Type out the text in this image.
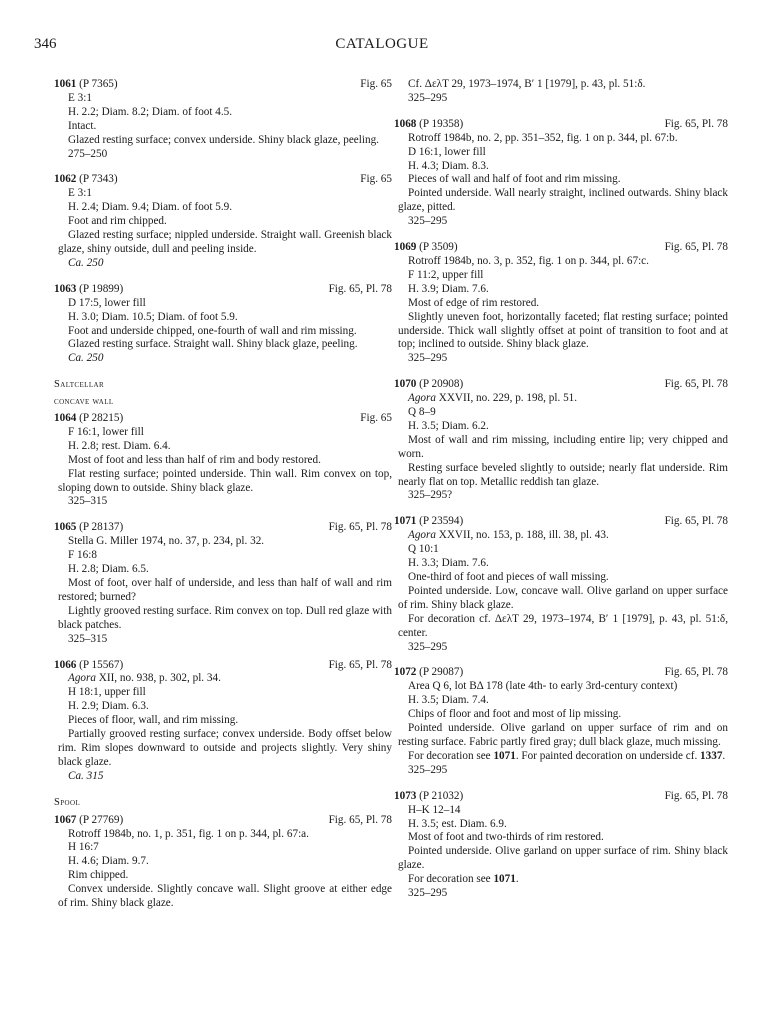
346	CATALOGUE
1061 (P 7365)	Fig. 65
E 3:1
H. 2.2; Diam. 8.2; Diam. of foot 4.5.
Intact.
Glazed resting surface; convex underside. Shiny black glaze, peeling.
275–250
1062 (P 7343)	Fig. 65
E 3:1
H. 2.4; Diam. 9.4; Diam. of foot 5.9.
Foot and rim chipped.
Glazed resting surface; nippled underside. Straight wall. Greenish black glaze, shiny outside, dull and peeling inside.
Ca. 250
1063 (P 19899)	Fig. 65, Pl. 78
D 17:5, lower fill
H. 3.0; Diam. 10.5; Diam. of foot 5.9.
Foot and underside chipped, one-fourth of wall and rim missing.
Glazed resting surface. Straight wall. Shiny black glaze, peeling.
Ca. 250
Saltcellar
concave wall
1064 (P 28215)	Fig. 65
F 16:1, lower fill
H. 2.8; rest. Diam. 6.4.
Most of foot and less than half of rim and body restored.
Flat resting surface; pointed underside. Thin wall. Rim convex on top, sloping down to outside. Shiny black glaze.
325–315
1065 (P 28137)	Fig. 65, Pl. 78
Stella G. Miller 1974, no. 37, p. 234, pl. 32.
F 16:8
H. 2.8; Diam. 6.5.
Most of foot, over half of underside, and less than half of wall and rim restored; burned?
Lightly grooved resting surface. Rim convex on top. Dull red glaze with black patches.
325–315
1066 (P 15567)	Fig. 65, Pl. 78
Agora XII, no. 938, p. 302, pl. 34.
H 18:1, upper fill
H. 2.9; Diam. 6.3.
Pieces of floor, wall, and rim missing.
Partially grooved resting surface; convex underside. Body offset below rim. Rim slopes downward to outside and projects slightly. Very shiny black glaze.
Ca. 315
Spool
1067 (P 27769)	Fig. 65, Pl. 78
Rotroff 1984b, no. 1, p. 351, fig. 1 on p. 344, pl. 67:a.
H 16:7
H. 4.6; Diam. 9.7.
Rim chipped.
Convex underside. Slightly concave wall. Slight groove at either edge of rim. Shiny black glaze.
Cf. ΔελΤ 29, 1973–1974, B′ 1 [1979], p. 43, pl. 51:δ.
325–295
1068 (P 19358)	Fig. 65, Pl. 78
Rotroff 1984b, no. 2, pp. 351–352, fig. 1 on p. 344, pl. 67:b.
D 16:1, lower fill
H. 4.3; Diam. 8.3.
Pieces of wall and half of foot and rim missing.
Pointed underside. Wall nearly straight, inclined outwards. Shiny black glaze, pitted.
325–295
1069 (P 3509)	Fig. 65, Pl. 78
Rotroff 1984b, no. 3, p. 352, fig. 1 on p. 344, pl. 67:c.
F 11:2, upper fill
H. 3.9; Diam. 7.6.
Most of edge of rim restored.
Slightly uneven foot, horizontally faceted; flat resting surface; pointed underside. Thick wall slightly offset at point of transition to foot and at top; inclined to outside. Shiny black glaze.
325–295
1070 (P 20908)	Fig. 65, Pl. 78
Agora XXVII, no. 229, p. 198, pl. 51.
Q 8–9
H. 3.5; Diam. 6.2.
Most of wall and rim missing, including entire lip; very chipped and worn.
Resting surface beveled slightly to outside; nearly flat underside. Rim nearly flat on top. Metallic reddish tan glaze.
325–295?
1071 (P 23594)	Fig. 65, Pl. 78
Agora XXVII, no. 153, p. 188, ill. 38, pl. 43.
Q 10:1
H. 3.3; Diam. 7.6.
One-third of foot and pieces of wall missing.
Pointed underside. Low, concave wall. Olive garland on upper surface of rim. Shiny black glaze.
For decoration cf. ΔελΤ 29, 1973–1974, B′ 1 [1979], p. 43, pl. 51:δ, center.
325–295
1072 (P 29087)	Fig. 65, Pl. 78
Area Q 6, lot BΔ 178 (late 4th- to early 3rd-century context)
H. 3.5; Diam. 7.4.
Chips of floor and foot and most of lip missing.
Pointed underside. Olive garland on upper surface of rim and on resting surface. Fabric partly fired gray; dull black glaze, much missing.
For decoration see 1071. For painted decoration on underside cf. 1337.
325–295
1073 (P 21032)	Fig. 65, Pl. 78
H–K 12–14
H. 3.5; est. Diam. 6.9.
Most of foot and two-thirds of rim restored.
Pointed underside. Olive garland on upper surface of rim. Shiny black glaze.
For decoration see 1071.
325–295
